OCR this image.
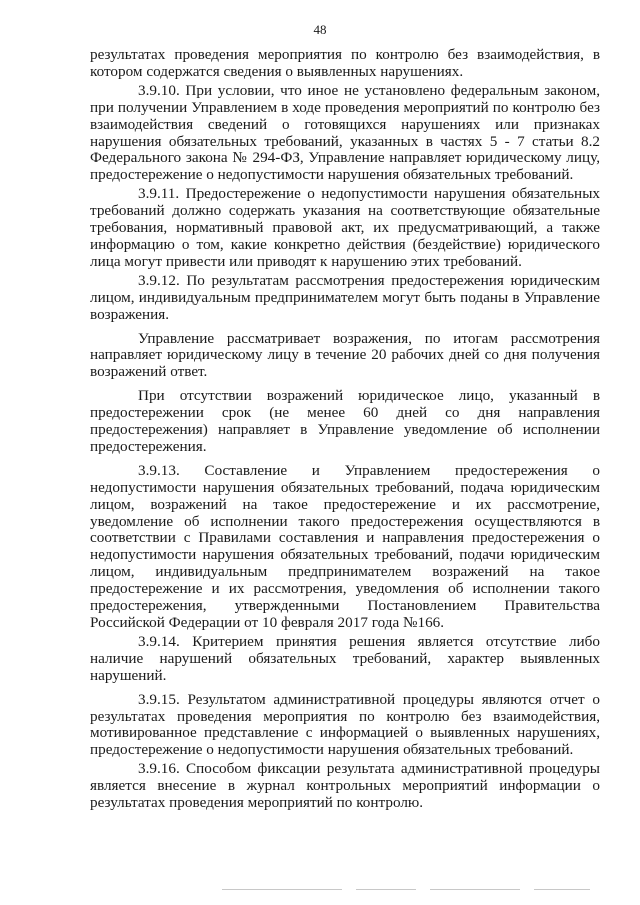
48

результатах проведения мероприятия по контролю без взаимодействия, в котором содержатся сведения о выявленных нарушениях.

3.9.10. При условии, что иное не установлено федеральным законом, при получении Управлением в ходе проведения мероприятий по контролю без взаимодействия сведений о готовящихся нарушениях или признаках нарушения обязательных требований, указанных в частях 5 - 7 статьи 8.2 Федерального закона № 294-ФЗ, Управление направляет юридическому лицу, предостережение о недопустимости нарушения обязательных требований.

3.9.11. Предостережение о недопустимости нарушения обязательных требований должно содержать указания на соответствующие обязательные требования, нормативный правовой акт, их предусматривающий, а также информацию о том, какие конкретно действия (бездействие) юридического лица могут привести или приводят к нарушению этих требований.

3.9.12. По результатам рассмотрения предостережения юридическим лицом, индивидуальным предпринимателем могут быть поданы в Управление возражения.

Управление рассматривает возражения, по итогам рассмотрения направляет юридическому лицу в течение 20 рабочих дней со дня получения возражений ответ.

При отсутствии возражений юридическое лицо, указанный в предостережении срок (не менее 60 дней со дня направления предостережения) направляет в Управление уведомление об исполнении предостережения.

3.9.13. Составление и Управлением предостережения о недопустимости нарушения обязательных требований, подача юридическим лицом, возражений на такое предостережение и их рассмотрение, уведомление об исполнении такого предостережения осуществляются в соответствии с Правилами составления и направления предостережения о недопустимости нарушения обязательных требований, подачи юридическим лицом, индивидуальным предпринимателем возражений на такое предостережение и их рассмотрения, уведомления об исполнении такого предостережения, утвержденными Постановлением Правительства Российской Федерации от 10 февраля 2017 года №166.

3.9.14. Критерием принятия решения является отсутствие либо наличие нарушений обязательных требований, характер выявленных нарушений.

3.9.15. Результатом административной процедуры являются отчет о результатах проведения мероприятия по контролю без взаимодействия, мотивированное представление с информацией о выявленных нарушениях, предостережение о недопустимости нарушения обязательных требований.

3.9.16. Способом фиксации результата административной процедуры является внесение в журнал контрольных мероприятий информации о результатах проведения мероприятий по контролю.
